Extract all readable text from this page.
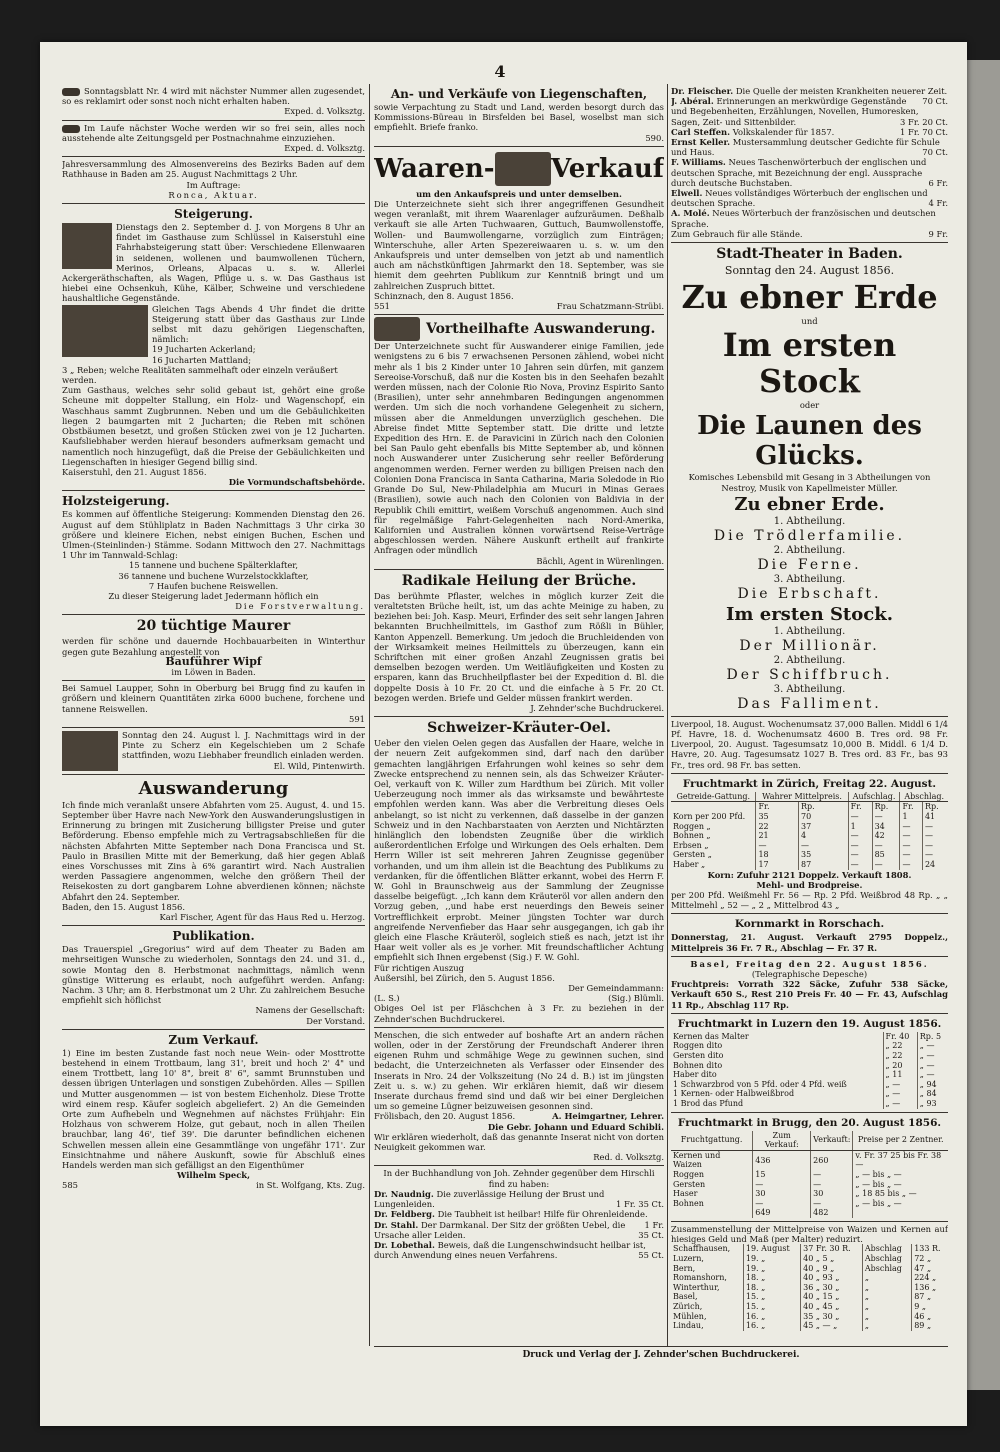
4

Sonntagsblatt Nr. 4 wird mit nächster Nummer allen zugesendet, so es reklamirt oder sonst noch nicht erhalten haben.

Exped. d. Volksztg.

Im Laufe nächster Woche werden wir so frei sein, alles noch ausstehende alte Zeitungsgeld per Postnachnahme einzuziehen.

Exped. d. Volksztg.

Jahresversammlung des Almosenvereins des Bezirks Baden auf dem Rathhause in Baden am 25. August Nachmittags 2 Uhr.

Im Auftrage:

Ronca, Aktuar.

Steigerung.

Dienstags den 2. September d. J. von Morgens 8 Uhr an findet im Gasthause zum Schlüssel in Kaiserstuhl eine Fahrhabsteigerung statt über: Verschiedene Ellenwaaren in seidenen, wollenen und baumwollenen Tüchern, Merinos, Orleans, Alpacas u. s. w. Allerlei Ackergeräthschaften, als Wagen, Pflüge u. s. w. Das Gasthaus ist hiebei eine Ochsenkuh, Kühe, Kälber, Schweine und verschiedene haushaltliche Gegenstände.

Gleichen Tags Abends 4 Uhr findet die dritte Steigerung statt über das Gasthaus zur Linde selbst mit dazu gehörigen Liegenschaften, nämlich:

19 Jucharten Ackerland;

16 Jucharten Mattland;

3 „ Reben; welche Realitäten sammelhaft oder einzeln veräußert werden.

Zum Gasthaus, welches sehr solid gebaut ist, gehört eine große Scheune mit doppelter Stallung, ein Holz- und Wagenschopf, ein Waschhaus sammt Zugbrunnen. Neben und um die Gebäulichkeiten liegen 2 baumgarten mit 2 Jucharten; die Reben mit schönen Obstbäumen besetzt, und großen Stücken zwei von je 12 Jucharten. Kaufsliebhaber werden hierauf besonders aufmerksam gemacht und namentlich noch hinzugefügt, daß die Preise der Gebäulichkeiten und Liegenschaften in hiesiger Gegend billig sind.

Kaiserstuhl, den 21. August 1856.

Die Vormundschaftsbehörde.

Holzsteigerung.

Es kommen auf öffentliche Steigerung: Kommenden Dienstag den 26. August auf dem Stühliplatz in Baden Nachmittags 3 Uhr cirka 30 größere und kleinere Eichen, nebst einigen Buchen, Eschen und Ulmen-(Steinlinden-) Stämme. Sodann Mittwoch den 27. Nachmittags 1 Uhr im Tannwald-Schlag:

15 tannene und buchene Spälterklafter,

36 tannene und buchene Wurzelstockklafter,

7 Haufen buchene Reiswellen.

Zu dieser Steigerung ladet Jedermann höflich ein

Die Forstverwaltung.

20 tüchtige Maurer

werden für schöne und dauernde Hochbauarbeiten in Winterthur gegen gute Bezahlung angestellt von

Bauführer Wipf

im Löwen in Baden.

Bei Samuel Laupper, Sohn in Oberburg bei Brugg find zu kaufen in größern und kleinern Quantitäten zirka 6000 buchene, forchene und tannene Reiswellen.

591

Sonntag den 24. August l. J. Nachmittags wird in der Pinte zu Scherz ein Kegelschieben um 2 Schafe stattfinden, wozu Liebhaber freundlich einladen werden.

El. Wild, Pintenwirth.

Auswanderung

Ich finde mich veranlaßt unsere Abfahrten vom 25. August, 4. und 15. September über Havre nach New-York den Auswanderungslustigen in Erinnerung zu bringen mit Zusicherung billigster Preise und guter Beförderung. Ebenso empfehle mich zu Vertragsabschließen für die nächsten Abfahrten Mitte September nach Dona Francisca und St. Paulo in Brasilien Mitte mit der Bemerkung, daß hier gegen Ablaß eines Vorschusses mit Zins à 6% garantirt wird. Nach Australien werden Passagiere angenommen, welche den größern Theil der Reisekosten zu dort gangbarem Lohne abverdienen können; nächste Abfahrt den 24. September.

Baden, den 15. August 1856.

Karl Fischer, Agent für das Haus Red u. Herzog.

Publikation.

Das Trauerspiel „Gregorius“ wird auf dem Theater zu Baden am mehrseitigen Wunsche zu wiederholen, Sonntags den 24. und 31. d., sowie Montag den 8. Herbstmonat nachmittags, nämlich wenn günstige Witterung es erlaubt, noch aufgeführt werden. Anfang: Nachm. 3 Uhr; am 8. Herbstmonat um 2 Uhr. Zu zahlreichem Besuche empfiehlt sich höflichst

Namens der Gesellschaft:

Der Vorstand.

Zum Verkauf.

1) Eine im besten Zustande fast noch neue Wein- oder Mosttrotte bestehend in einem Trottbaum, lang 31', breit und hoch 2' 4" und einem Trottbett, lang 10' 8", breit 8' 6", sammt Brunnstuben und dessen übrigen Unterlagen und sonstigen Zubehörden. Alles — Spillen und Mutter ausgenommen — ist von bestem Eichenholz. Diese Trotte wird einem resp. Käufer sogleich abgeliefert. 2) An die Gemeinden Orte zum Aufhebeln und Wegnehmen auf nächstes Frühjahr: Ein Holzhaus von schwerem Holze, gut gebaut, noch in allen Theilen brauchbar, lang 46', tief 39'. Die darunter befindlichen eichenen Schwellen messen allein eine Gesammtlänge von ungefähr 171'. Zur Einsichtnahme und nähere Auskunft, sowie für Abschluß eines Handels werden man sich gefälligst an den Eigenthümer

Wilhelm Speck,

585	in St. Wolfgang, Kts. Zug.

An- und Verkäufe von Liegenschaften,

sowie Verpachtung zu Stadt und Land, werden besorgt durch das Kommissions-Büreau in Birsfelden bei Basel, woselbst man sich empfiehlt. Briefe franko.

590.

Waaren- Verkauf

um den Ankaufspreis und unter demselben.

Die Unterzeichnete sieht sich ihrer angegriffenen Gesundheit wegen veranlaßt, mit ihrem Waarenlager aufzuräumen. Deßhalb verkauft sie alle Arten Tuchwaaren, Guttuch, Baumwollenstoffe, Wollen- und Baumwollengarne, vorzüglich zum Einträgen; Winterschuhe, aller Arten Spezereiwaaren u. s. w. um den Ankaufspreis und unter demselben von jetzt ab und namentlich auch am nächstkünftigen Jahrmarkt den 18. September, was sie hiemit dem geehrten Publikum zur Kenntniß bringt und um zahlreichen Zuspruch bittet.

Schinznach, den 8. August 1856.

551	Frau Schatzmann-Strübi.

Vortheilhafte Auswanderung.

Der Unterzeichnete sucht für Auswanderer einige Familien, jede wenigstens zu 6 bis 7 erwachsenen Personen zählend, wobei nicht mehr als 1 bis 2 Kinder unter 10 Jahren sein dürfen, mit ganzem Sereoise-Vorschuß, daß nur die Kosten bis in den Seehafen bezahlt werden müssen, nach der Colonie Rio Nova, Provinz Espirito Santo (Brasilien), unter sehr annehmbaren Bedingungen angenommen werden. Um sich die noch vorhandene Gelegenheit zu sichern, müssen aber die Anmeldungen unverzüglich geschehen. Die Abreise findet Mitte September statt. Die dritte und letzte Expedition des Hrn. E. de Paravicini in Zürich nach den Colonien bei San Paulo geht ebenfalls bis Mitte September ab, und können noch Auswanderer unter Zusicherung sehr reeller Beförderung angenommen werden. Ferner werden zu billigen Preisen nach den Colonien Dona Francisca in Santa Catharina, Maria Soledode in Rio Grande Do Sul, New-Philadelphia am Mucuri in Minas Geraes (Brasilien), sowie auch nach den Colonien von Baldivia in der Republik Chili emittirt, weißem Vorschuß angenommen. Auch sind für regelmäßige Fahrt-Gelegenheiten nach Nord-Amerika, Kalifornien und Australien können vorwärtsend Reise-Verträge abgeschlossen werden. Nähere Auskunft ertheilt auf frankirte Anfragen oder mündlich

Bächli, Agent in Würenlingen.

Radikale Heilung der Brüche.

Das berühmte Pflaster, welches in möglich kurzer Zeit die veraltetsten Brüche heilt, ist, um das achte Meinige zu haben, zu beziehen bei: Joh. Kasp. Meuri, Erfinder des seit sehr langen Jahren bekannten Bruchheilmittels, im Gasthof zum Rößli in Bühler, Kanton Appenzell. Bemerkung. Um jedoch die Bruchleidenden von der Wirksamkeit meines Heilmittels zu überzeugen, kann ein Schriftchen mit einer großen Anzahl Zeugnissen gratis bei demselben bezogen werden. Um Weitläufigkeiten und Kosten zu ersparen, kann das Bruchheilpflaster bei der Expedition d. Bl. die doppelte Dosis à 10 Fr. 20 Ct. und die einfache à 5 Fr. 20 Ct. bezogen werden. Briefe und Gelder müssen frankirt werden.

J. Zehnder'sche Buchdruckerei.

Schweizer-Kräuter-Oel.

Ueber den vielen Oelen gegen das Ausfallen der Haare, welche in der neuern Zeit aufgekommen sind, darf nach den darüber gemachten langjährigen Erfahrungen wohl keines so sehr dem Zwecke entsprechend zu nennen sein, als das Schweizer Kräuter-Oel, verkauft von K. Willer zum Hardthum bei Zürich. Mit voller Ueberzeugung noch immer als das wirksamste und bewährteste empfohlen werden kann. Was aber die Verbreitung dieses Oels anbelangt, so ist nicht zu verkennen, daß dasselbe in der ganzen Schweiz und in den Nachbarstaaten von Aerzten und Nichtärzten hinlänglich den lobendsten Zeugniße über die wirklich außerordentlichen Erfolge und Wirkungen des Oels erhalten. Dem Herrn Willer ist seit mehreren Jahren Zeugnisse gegenüber vorhanden, und um ihm allein ist die Beachtung des Publikums zu verdanken, für die öffentlichen Blätter erkannt, wobei des Herrn F. W. Gohl in Braunschweig aus der Sammlung der Zeugnisse dasselbe beigefügt. ,,Ich kann dem Kräuteröl vor allen andern den Vorzug geben, ,,und habe erst neuerdings den Beweis seiner Vortrefflichkeit erprobt. Meiner jüngsten Tochter war durch angreifende Nervenfieber das Haar sehr ausgegangen, ich gab ihr gleich eine Flasche Kräuteröl, sogleich stieß es nach, jetzt ist ihr Haar weit voller als es je vorher. Mit freundschaftlicher Achtung empfiehlt sich Ihnen ergebenst (Sig.) F. W. Gohl.

Für richtigen Auszug

Außersihl, bei Zürich, den 5. August 1856.

Der Gemeindammann:

(L. S.)	(Sig.) Blümli.

Obiges Oel ist per Fläschchen à 3 Fr. zu beziehen in der Zehnder'schen Buchdruckerei.

Menschen, die sich entweder auf boshafte Art an andern rächen wollen, oder in der Zerstörung der Freundschaft Anderer ihren eigenen Ruhm und schmähige Wege zu gewinnen suchen, sind bedacht, die Unterzeichneten als Verfasser oder Einsender des Inserats in Nro. 24 der Volkszeitung (No 24 d. B.) ist im jüngsten Zeit u. s. w.) zu gehen. Wir erklären hiemit, daß wir diesem Inserate durchaus fremd sind und daß wir bei einer Dergleichen um so gemeine Lügner beizuweisen gesonnen sind.

Frölisbach, den 20. August 1856.	A. Heimgartner, Lehrer.

Die Gebr. Johann und Eduard Schibli.

Wir erklären wiederholt, daß das genannte Inserat nicht von dorten Neuigkeit gekommen war.

Red. d. Volksztg.

In der Buchhandlung von Joh. Zehnder gegenüber dem Hirschli find zu haben:

Dr. Naudnig. Die zuverlässige Heilung der Brust und Lungenleiden.	1 Fr. 35 Ct.
Dr. Feldberg. Die Taubheit ist heilbar! Hilfe für Ohrenleidende.
1 Fr.
Dr. Stahl. Der Darmkanal. Der Sitz der größten Uebel, die Ursache aller Leiden.	35 Ct.
Dr. Lobethal. Beweis, daß die Lungenschwindsucht heilbar ist, durch Anwendung eines neuen Verfahrens.	55 Ct.
Dr. Fleischer. Die Quelle der meisten Krankheiten neuerer Zeit.
70 Ct.
J. Abéral. Erinnerungen an merkwürdige Gegenstände und Begebenheiten, Erzählungen, Novellen, Humoresken, Sagen, Zeit- und Sittenbilder.	3 Fr. 20 Ct.
Carl Steffen. Volkskalender für 1857.	1 Fr. 70 Ct.
Ernst Keller. Mustersammlung deutscher Gedichte für Schule und Haus.	70 Ct.
F. Williams. Neues Taschenwörterbuch der englischen und deutschen Sprache, mit Bezeichnung der engl. Aussprache durch deutsche Buchstaben.	6 Fr.
Elwell. Neues vollständiges Wörterbuch der englischen und deutschen Sprache.	4 Fr.
A. Molé. Neues Wörterbuch der französischen und deutschen Sprache.
Zum Gebrauch für alle Stände.	9 Fr.
Stadt-Theater in Baden.

Sonntag den 24. August 1856.

Zu ebner Erde

und

Im ersten Stock

oder

Die Launen des Glücks.

Komisches Lebensbild mit Gesang in 3 Abtheilungen von Nestroy, Musik von Kapellmeister Müller.

Zu ebner Erde.

1. Abtheilung.

Die Trödlerfamilie.

2. Abtheilung.

Die Ferne.

3. Abtheilung.

Die Erbschaft.

Im ersten Stock.

1. Abtheilung.

Der Millionär.

2. Abtheilung.

Der Schiffbruch.

3. Abtheilung.

Das Falliment.

Liverpool, 18. August. Wochenumsatz 37,000 Ballen. Middl 6 1/4 Pf. Havre, 18. d. Wochenumsatz 4600 B. Tres ord. 98 Fr. Liverpool, 20. August. Tagesumsatz 10,000 B. Middl. 6 1/4 D. Havre, 20. Aug. Tagesumsatz 1027 B. Tres ord. 83 Fr., bas 93 Fr., tres ord. 98 Fr. bas setten.

Fruchtmarkt in Zürich, Freitag 22. August.
Getreide-Gattung.	Wahrer Mittelpreis.		Aufschlag.		Abschlag.	
	Fr.	Rp.	Fr.	Rp.	Fr.	Rp.
Korn per 200 Pfd.	35	70	—	—	1	41
Roggen „	22	37	1	34	—	—
Bohnen „	21	4	—	42	—	—
Erbsen „	—	—	—	—	—	—
Gersten „	18	35	—	85	—	—
Haber „	17	87	—	—	—	24

Korn: Zufuhr 2121 Doppelz. Verkauft 1808.

Mehl- und Brodpreise.

per 200 Pfd. Weißmehl Fr. 56 — Rp. 2 Pfd. Weißbrod 48 Rp. „ „ Mittelmehl „ 52 — „ 2 „ Mittelbrod 43 „

Kornmarkt in Rorschach.

Donnerstag, 21. August. Verkauft 2795 Doppelz., Mittelpreis 36 Fr. 7 R., Abschlag — Fr. 37 R.

Basel, Freitag den 22. August 1856.

(Telegraphische Depesche)

Fruchtpreis: Vorrath 322 Säcke, Zufuhr 538 Säcke, Verkauft 650 S., Rest 210 Preis Fr. 40 — Fr. 43, Aufschlag 11 Rp., Abschlag 117 Rp.

Fruchtmarkt in Luzern den 19. August 1856.
Kernen das Malter	Fr. 40	Rp. 5
Roggen dito	„ 22	„ —
Gersten dito	„ 22	„ —
Bohnen dito	„ 20	„ —
Haber dito	„ 11	„ —
1 Schwarzbrod von 5 Pfd. oder 4 Pfd. weiß	„ —	„ 94
1 Kernen- oder Halbweißbrod	„ —	„ 84
1 Brod das Pfund	„ —	„ 93
Fruchtmarkt in Brugg, den 20. August 1856.
Fruchtgattung.	Zum Verkauf:	Verkauft:	Preise per 2 Zentner.
Kernen und Waizen	436	260	v. Fr. 37 25 bis Fr. 38 —
Roggen	15	—	„ — bis „ —
Gersten	—	—	„ — bis „ —
Haser	30	30	„ 18 85 bis „ —
Bohnen	—	—	„ — bis „ —
	649	482	

Zusammenstellung der Mittelpreise von Waizen und Kernen auf hiesiges Geld und Maß (per Malter) reduzirt.

Schaffhausen,	19. August	37 Fr. 30 R.	Abschlag	133 R.
Luzern,	19. „	40 „ 5 „	Abschlag	72 „
Bern,	19. „	40 „ 9 „	Abschlag	47 „
Romanshorn,	18. „	40 „ 93 „	„	224 „
Winterthur,	18. „	36 „ 30 „	„	136 „
Basel,	15. „	40 „ 15 „	„	87 „
Zürich,	15. „	40 „ 45 „	„	9 „
Mühlen,	16. „	35 „ 30 „	„	46 „
Lindau,	16. „	45 „ — „	„	89 „
Druck und Verlag der J. Zehnder'schen Buchdruckerei.
